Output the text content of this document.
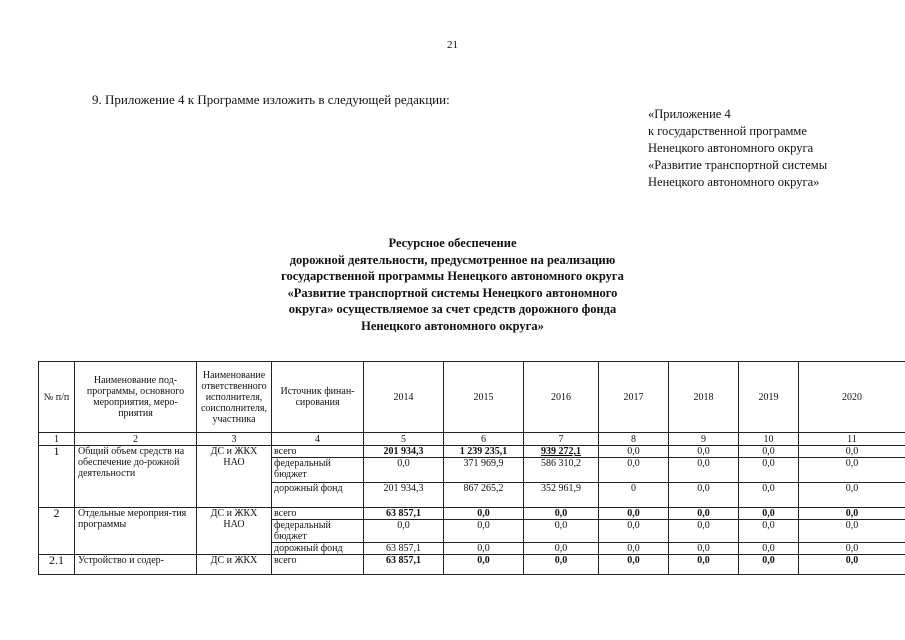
21
9. Приложение 4 к Программе изложить в следующей редакции:
«Приложение 4
к государственной программе
Ненецкого автономного округа
«Развитие транспортной системы
Ненецкого автономного округа»
Ресурсное обеспечение
дорожной деятельности, предусмотренное на реализацию
государственной программы Ненецкого автономного округа
«Развитие транспортной системы Ненецкого автономного
округа» осуществляемое за счет средств дорожного фонда
Ненецкого автономного округа»
№ п/п	Наименование под-программы, основного мероприятия, меро-приятия	Наименование ответственного исполнителя, соисполнителя, участника	Источник финан-сирования	2014	2015	2016	2017	2018	2019	2020
1	2	3	4	5	6	7	8	9	10	11
1	Общий объем средств на обеспечение до-рожной деятельности	ДС и ЖКХ НАО	всего	201 934,3	1 239 235,1	939 272,1	0,0	0,0	0,0	0,0
			федеральный бюджет	0,0	371 969,9	586 310,2	0,0	0,0	0,0	0,0
			дорожный фонд	201 934,3	867 265,2	352 961,9	0	0,0	0,0	0,0
2	Отдельные мероприя-тия программы	ДС и ЖКХ НАО	всего	63 857,1	0,0	0,0	0,0	0,0	0,0	0,0
			федеральный бюджет	0,0	0,0	0,0	0,0	0,0	0,0	0,0
			дорожный фонд	63 857,1	0,0	0,0	0,0	0,0	0,0	0,0
2.1	Устройство и содер-	ДС и ЖКХ	всего	63 857,1	0,0	0,0	0,0	0,0	0,0	0,0
